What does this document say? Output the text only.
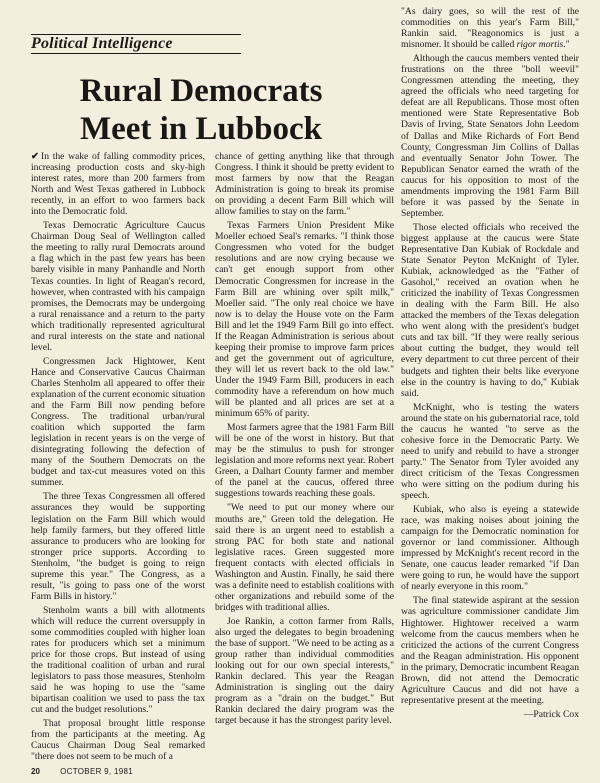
Political Intelligence
Rural Democrats
Meet in Lubbock

✔ In the wake of falling commodity prices, increasing production costs and sky-high interest rates, more than 200 farmers from North and West Texas gathered in Lubbock recently, in an effort to woo farmers back into the Democratic fold.

Texas Democratic Agriculture Caucus Chairman Doug Seal of Wellington called the meeting to rally rural Democrats around a flag which in the past few years has been barely visible in many Panhandle and North Texas counties. In light of Reagan's record, however, when contrasted with his campaign promises, the Democrats may be undergoing a rural renaissance and a return to the party which traditionally represented agricultural and rural interests on the state and national level.

Congressmen Jack Hightower, Kent Hance and Conservative Caucus Chairman Charles Stenholm all appeared to offer their explanation of the current economic situation and the Farm Bill now pending before Congress. The traditional urban/rural coalition which supported the farm legislation in recent years is on the verge of disintegrating following the defection of many of the Southern Democrats on the budget and tax-cut measures voted on this summer.

The three Texas Congressmen all offered assurances they would be supporting legislation on the Farm Bill which would help family farmers, but they offered little assurance to producers who are looking for stronger price supports. According to Stenholm, "the budget is going to reign supreme this year." The Congress, as a result, "is going to pass one of the worst Farm Bills in history."

Stenholm wants a bill with allotments which will reduce the current oversupply in some commodities coupled with higher loan rates for producers which set a minimum price for those crops. But instead of using the traditional coalition of urban and rural legislators to pass those measures, Stenholm said he was hoping to use the "same bipartisan coalition we used to pass the tax cut and the budget resolutions."

That proposal brought little response from the participants at the meeting. Ag Caucus Chairman Doug Seal remarked "there does not seem to be much of a

chance of getting anything like that through Congress. I think it should be pretty evident to most farmers by now that the Reagan Administration is going to break its promise on providing a decent Farm Bill which will allow families to stay on the farm."

Texas Farmers Union President Mike Moeller echoed Seal's remarks. "I think those Congressmen who voted for the budget resolutions and are now crying because we can't get enough support from other Democratic Congressmen for increase in the Farm Bill are whining over spilt milk," Moeller said. "The only real choice we have now is to delay the House vote on the Farm Bill and let the 1949 Farm Bill go into effect. If the Reagan Administration is serious about keeping their promise to improve farm prices and get the government out of agriculture, they will let us revert back to the old law." Under the 1949 Farm Bill, producers in each commodity have a referendum on how much will be planted and all prices are set at a minimum 65% of parity.

Most farmers agree that the 1981 Farm Bill will be one of the worst in history. But that may be the stimulus to push for stronger legislation and more reforms next year. Robert Green, a Dalhart County farmer and member of the panel at the caucus, offered three suggestions towards reaching these goals.

"We need to put our money where our mouths are," Green told the delegation. He said there is an urgent need to establish a strong PAC for both state and national legislative races. Green suggested more frequent contacts with elected officials in Washington and Austin. Finally, he said there was a definite need to establish coalitions with other organizations and rebuild some of the bridges with traditional allies.

Joe Rankin, a cotton farmer from Ralls, also urged the delegates to begin broadening the base of support. "We need to be acting as a group rather than individual commodities looking out for our own special interests," Rankin declared. This year the Reagan Administration is singling out the dairy program as a "drain on the budget." But Rankin declared the dairy program was the target because it has the strongest parity level.

"As dairy goes, so will the rest of the commodities on this year's Farm Bill," Rankin said. "Reagonomics is just a misnomer. It should be called rigor mortis."

Although the caucus members vented their frustrations on the three "boll weevil" Congressmen attending the meeting, they agreed the officials who need targeting for defeat are all Republicans. Those most often mentioned were State Representative Bob Davis of Irving, State Senators John Leedom of Dallas and Mike Richards of Fort Bend County, Congressman Jim Collins of Dallas and eventually Senator John Tower. The Republican Senator earned the wrath of the caucus for his opposition to most of the amendments improving the 1981 Farm Bill before it was passed by the Senate in September.

Those elected officials who received the biggest applause at the caucus were State Representative Dan Kubiak of Rockdale and State Senator Peyton McKnight of Tyler. Kubiak, acknowledged as the "Father of Gasohol," received an ovation when he criticized the inability of Texas Congressmen in dealing with the Farm Bill. He also attacked the members of the Texas delegation who went along with the president's budget cuts and tax bill. "If they were really serious about cutting the budget, they would tell every department to cut three percent of their budgets and tighten their belts like everyone else in the country is having to do," Kubiak said.

McKnight, who is testing the waters around the state on his gubernatorial race, told the caucus he wanted "to serve as the cohesive force in the Democratic Party. We need to unify and rebuild to have a stronger party." The Senator from Tyler avoided any direct criticism of the Texas Congressmen who were sitting on the podium during his speech.

Kubiak, who also is eyeing a statewide race, was making noises about joining the campaign for the Democratic nomination for governor or land commissioner. Although impressed by McKnight's recent record in the Senate, one caucus leader remarked "if Dan were going to run, he would have the support of nearly everyone in this room."

The final statewide aspirant at the session was agriculture commissioner candidate Jim Hightower. Hightower received a warm welcome from the caucus members when he criticized the actions of the current Congress and the Reagan administration. His opponent in the primary, Democratic incumbent Reagan Brown, did not attend the Democratic Agriculture Caucus and did not have a representative present at the meeting.

—Patrick Cox
20	OCTOBER 9, 1981
